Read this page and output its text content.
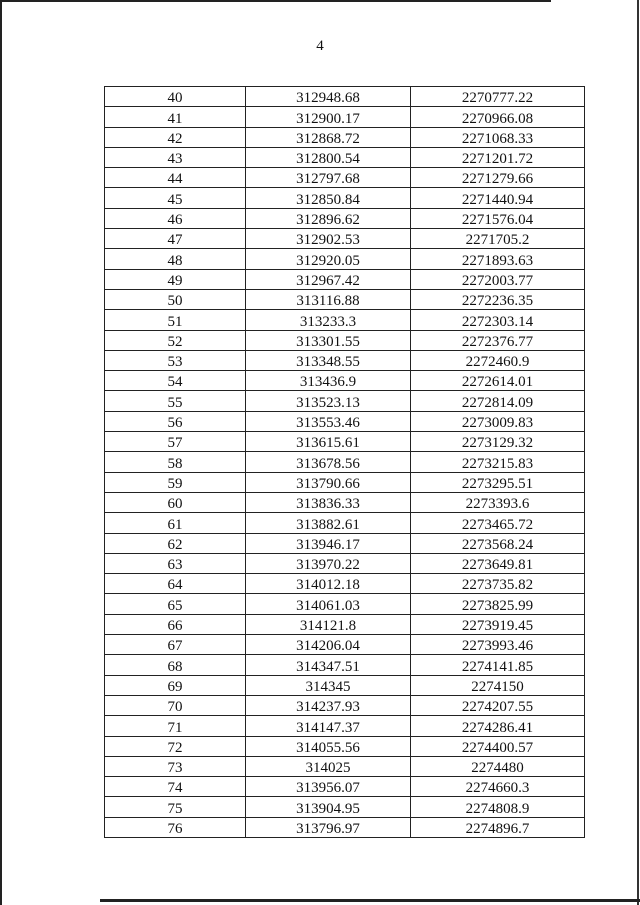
4
40	312948.68	2270777.22
41	312900.17	2270966.08
42	312868.72	2271068.33
43	312800.54	2271201.72
44	312797.68	2271279.66
45	312850.84	2271440.94
46	312896.62	2271576.04
47	312902.53	2271705.2
48	312920.05	2271893.63
49	312967.42	2272003.77
50	313116.88	2272236.35
51	313233.3	2272303.14
52	313301.55	2272376.77
53	313348.55	2272460.9
54	313436.9	2272614.01
55	313523.13	2272814.09
56	313553.46	2273009.83
57	313615.61	2273129.32
58	313678.56	2273215.83
59	313790.66	2273295.51
60	313836.33	2273393.6
61	313882.61	2273465.72
62	313946.17	2273568.24
63	313970.22	2273649.81
64	314012.18	2273735.82
65	314061.03	2273825.99
66	314121.8	2273919.45
67	314206.04	2273993.46
68	314347.51	2274141.85
69	314345	2274150
70	314237.93	2274207.55
71	314147.37	2274286.41
72	314055.56	2274400.57
73	314025	2274480
74	313956.07	2274660.3
75	313904.95	2274808.9
76	313796.97	2274896.7
